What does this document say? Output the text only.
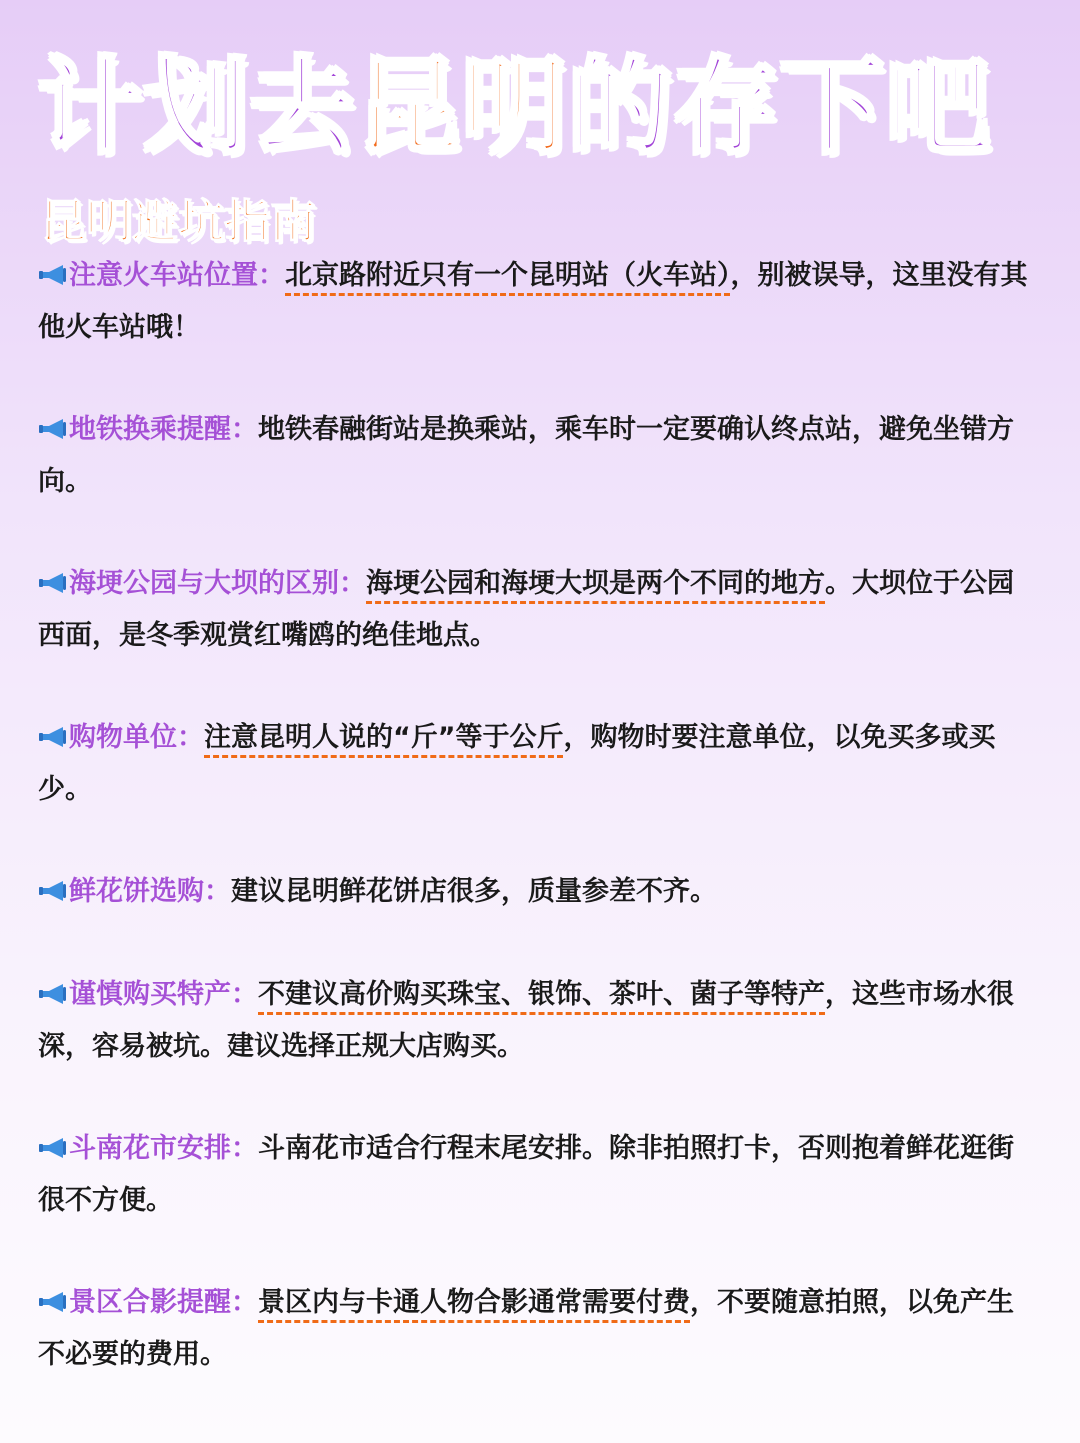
计划去昆明的存下吧
昆明避坑指南
注意火车站位置：北京路附近只有一个昆明站（火车站），别被误导，这里没有其他火车站哦！
地铁换乘提醒：地铁春融街站是换乘站，乘车时一定要确认终点站，避免坐错方向。
海埂公园与大坝的区别：海埂公园和海埂大坝是两个不同的地方。大坝位于公园西面，是冬季观赏红嘴鸥的绝佳地点。
购物单位：注意昆明人说的“斤”等于公斤，购物时要注意单位，以免买多或买少。
鲜花饼选购：建议昆明鲜花饼店很多，质量参差不齐。
谨慎购买特产：不建议高价购买珠宝、银饰、茶叶、菌子等特产，这些市场水很深，容易被坑。建议选择正规大店购买。
斗南花市安排：斗南花市适合行程末尾安排。除非拍照打卡，否则抱着鲜花逛街很不方便。
景区合影提醒：景区内与卡通人物合影通常需要付费，不要随意拍照，以免产生不必要的费用。
